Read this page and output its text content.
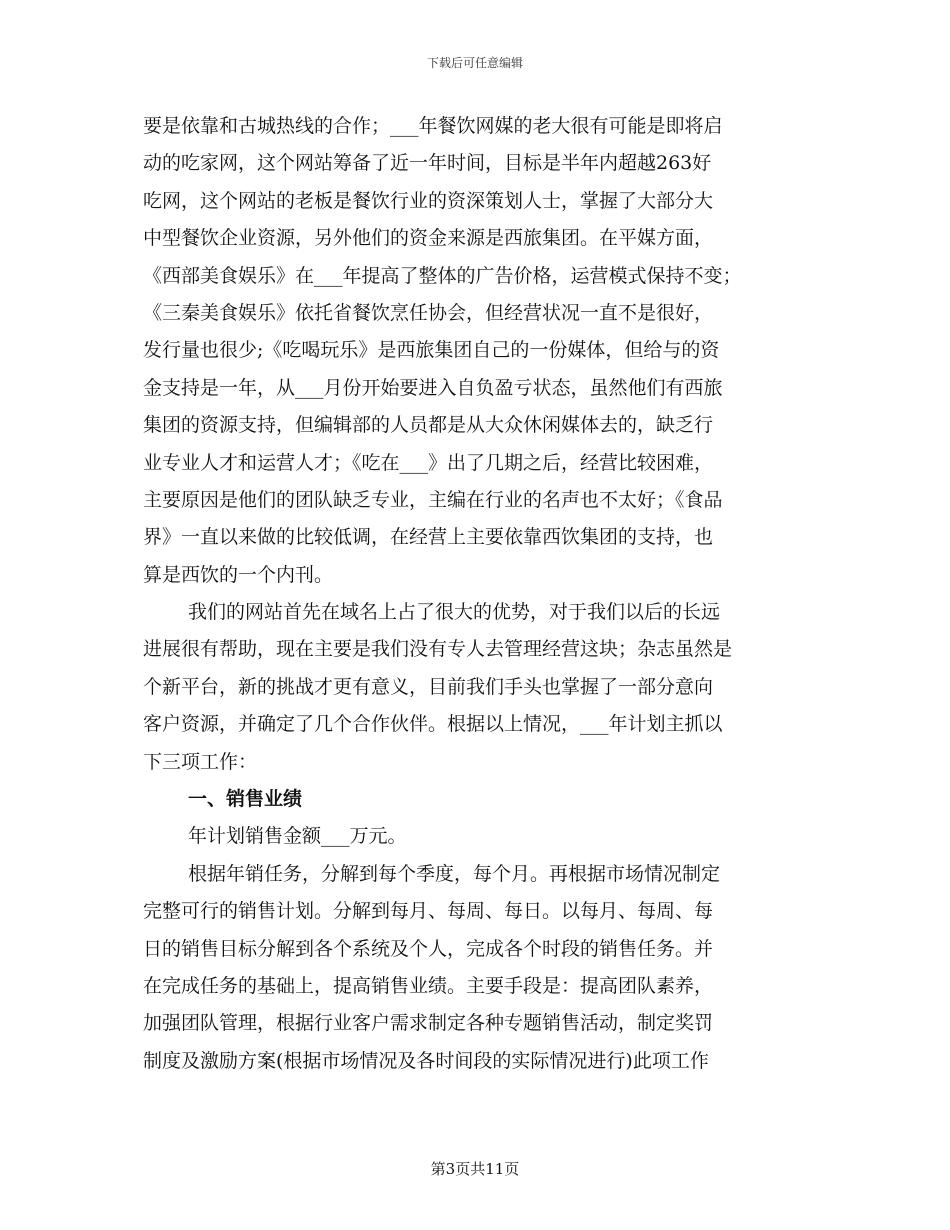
下载后可任意编辑
要是依靠和古城热线的合作；___年餐饮网媒的老大很有可能是即将启
动的吃家网，这个网站筹备了近一年时间，目标是半年内超越263好
吃网，这个网站的老板是餐饮行业的资深策划人士，掌握了大部分大
中型餐饮企业资源，另外他们的资金来源是西旅集团。在平媒方面，
《西部美食娱乐》在___年提高了整体的广告价格，运营模式保持不变；
《三秦美食娱乐》依托省餐饮烹任协会，但经营状况一直不是很好，
发行量也很少;《吃喝玩乐》是西旅集团自己的一份媒体，但给与的资
金支持是一年，从___月份开始要进入自负盈亏状态，虽然他们有西旅
集团的资源支持，但编辑部的人员都是从大众休闲媒体去的，缺乏行
业专业人才和运营人才；《吃在___》出了几期之后，经营比较困难，
主要原因是他们的团队缺乏专业，主编在行业的名声也不太好；《食品
界》一直以来做的比较低调，在经营上主要依靠西饮集团的支持，也
算是西饮的一个内刊。
我们的网站首先在域名上占了很大的优势，对于我们以后的长远
进展很有帮助，现在主要是我们没有专人去管理经营这块；杂志虽然是
个新平台，新的挑战才更有意义，目前我们手头也掌握了一部分意向
客户资源，并确定了几个合作伙伴。根据以上情况，___年计划主抓以
下三项工作：
一、销售业绩
年计划销售金额___万元。
根据年销任务，分解到每个季度，每个月。再根据市场情况制定
完整可行的销售计划。分解到每月、每周、每日。以每月、每周、每
日的销售目标分解到各个系统及个人，完成各个时段的销售任务。并
在完成任务的基础上，提高销售业绩。主要手段是：提高团队素养，
加强团队管理，根据行业客户需求制定各种专题销售活动，制定奖罚
制度及激励方案(根据市场情况及各时间段的实际情况进行)此项工作
第3页共11页
